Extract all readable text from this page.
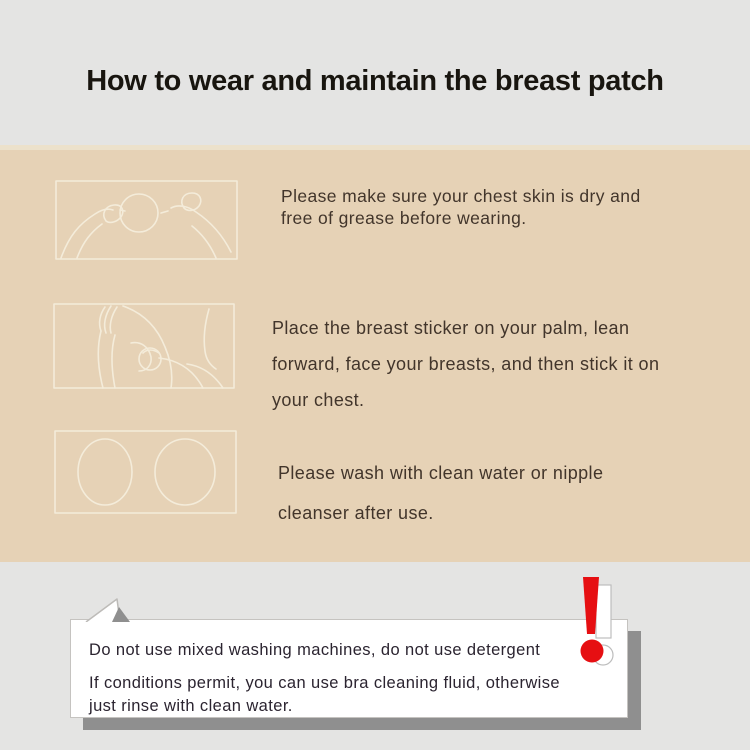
How to wear and maintain the breast patch
Please make sure your chest skin is dry and
free of grease before wearing.
Place the breast sticker on your palm, lean
forward, face your breasts, and then stick it on
your chest.
Please wash with clean water or nipple
cleanser after use.

Do not use mixed washing machines, do not use detergent

If conditions permit, you can use bra cleaning fluid, otherwise

just rinse with clean water.
